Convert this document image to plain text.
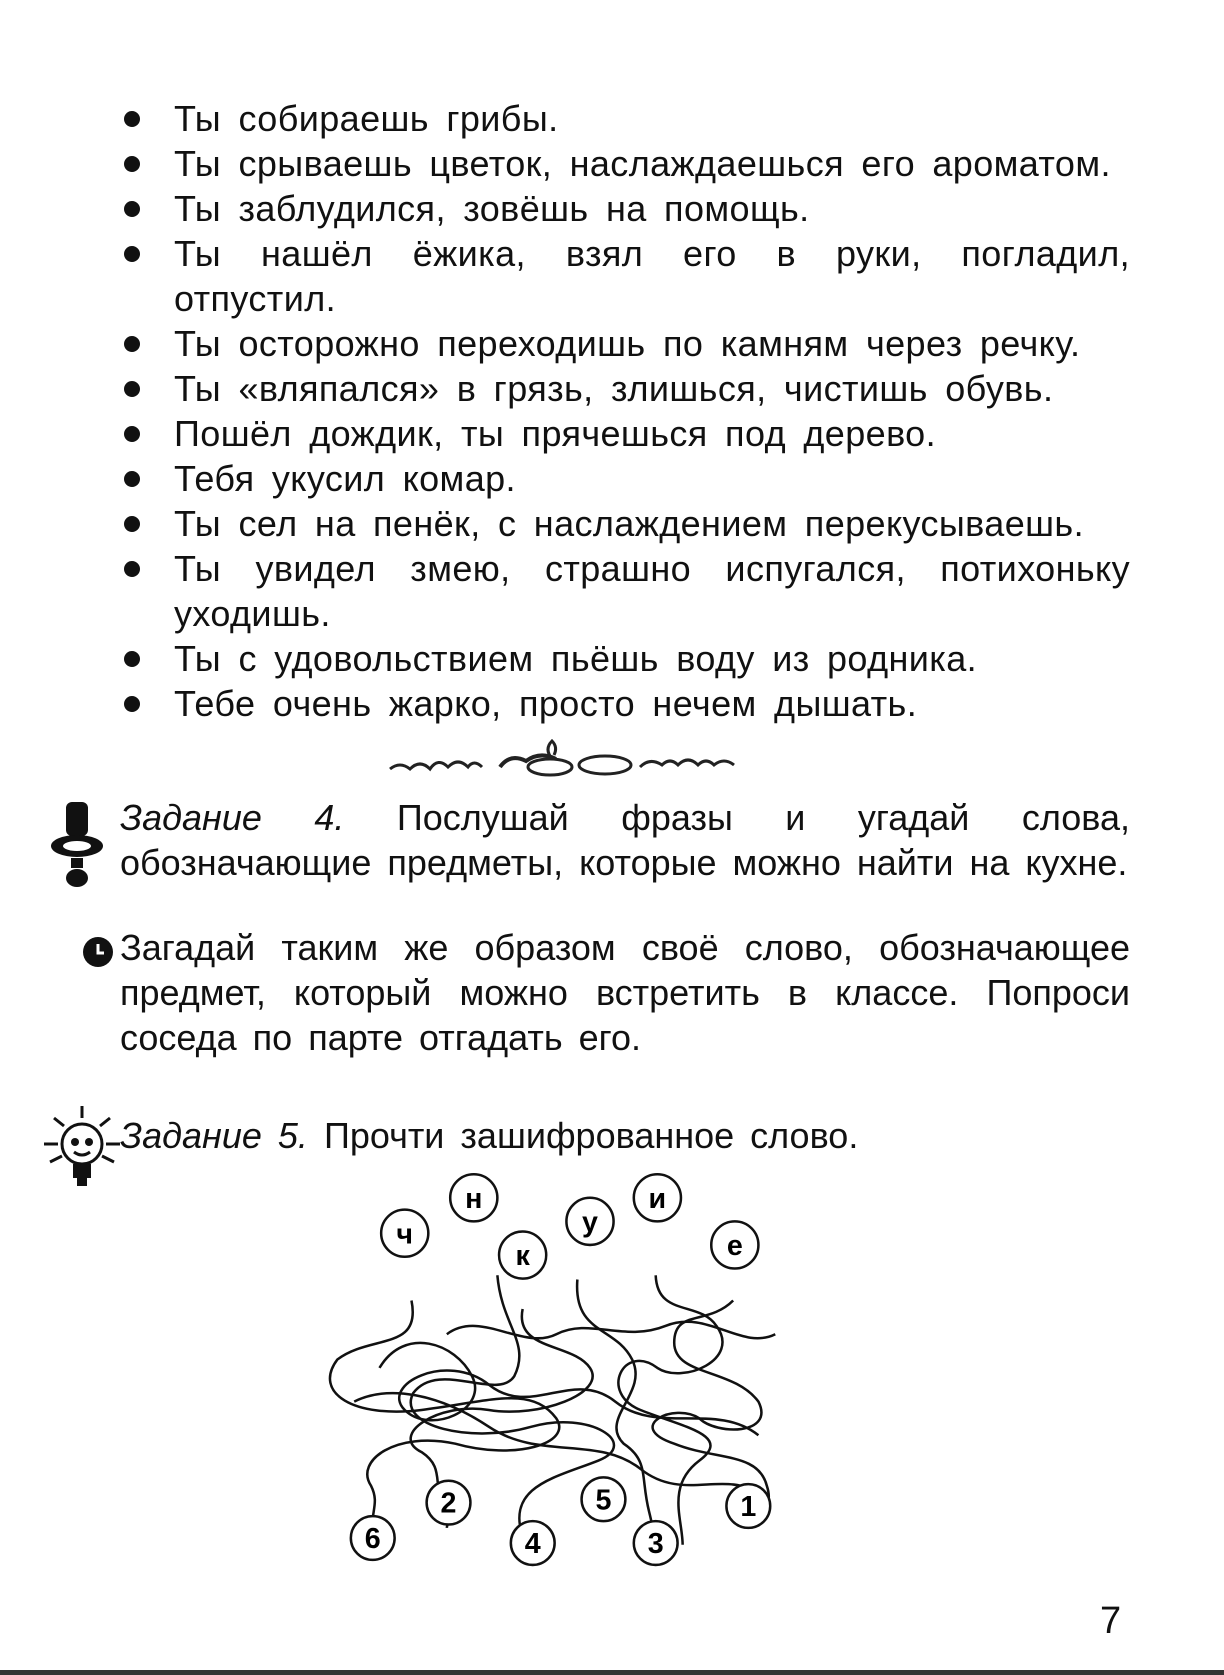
Ты собираешь грибы.
Ты срываешь цветок, наслаждаешься его ароматом.
Ты заблудился, зовёшь на помощь.
Ты нашёл ёжика, взял его в руки, погладил, отпустил.
Ты осторожно переходишь по камням через речку.
Ты «вляпался» в грязь, злишься, чистишь обувь.
Пошёл дождик, ты прячешься под дерево.
Тебя укусил комар.
Ты сел на пенёк, с наслаждением перекусываешь.
Ты увидел змею, страшно испугался, потихоньку уходишь.
Ты с удовольствием пьёшь воду из родника.
Тебе очень жарко, просто нечем дышать.
Задание 4. Послушай фразы и угадай слова, обозначающие предметы, которые можно найти на кухне.
Загадай таким же образом своё слово, обозначающее предмет, который можно встретить в классе. Попроси соседа по парте отгадать его.
Задание 5. Прочти зашифрованное слово.
ч
н
к
у
и
е
6
2
4
5
3
1
7
